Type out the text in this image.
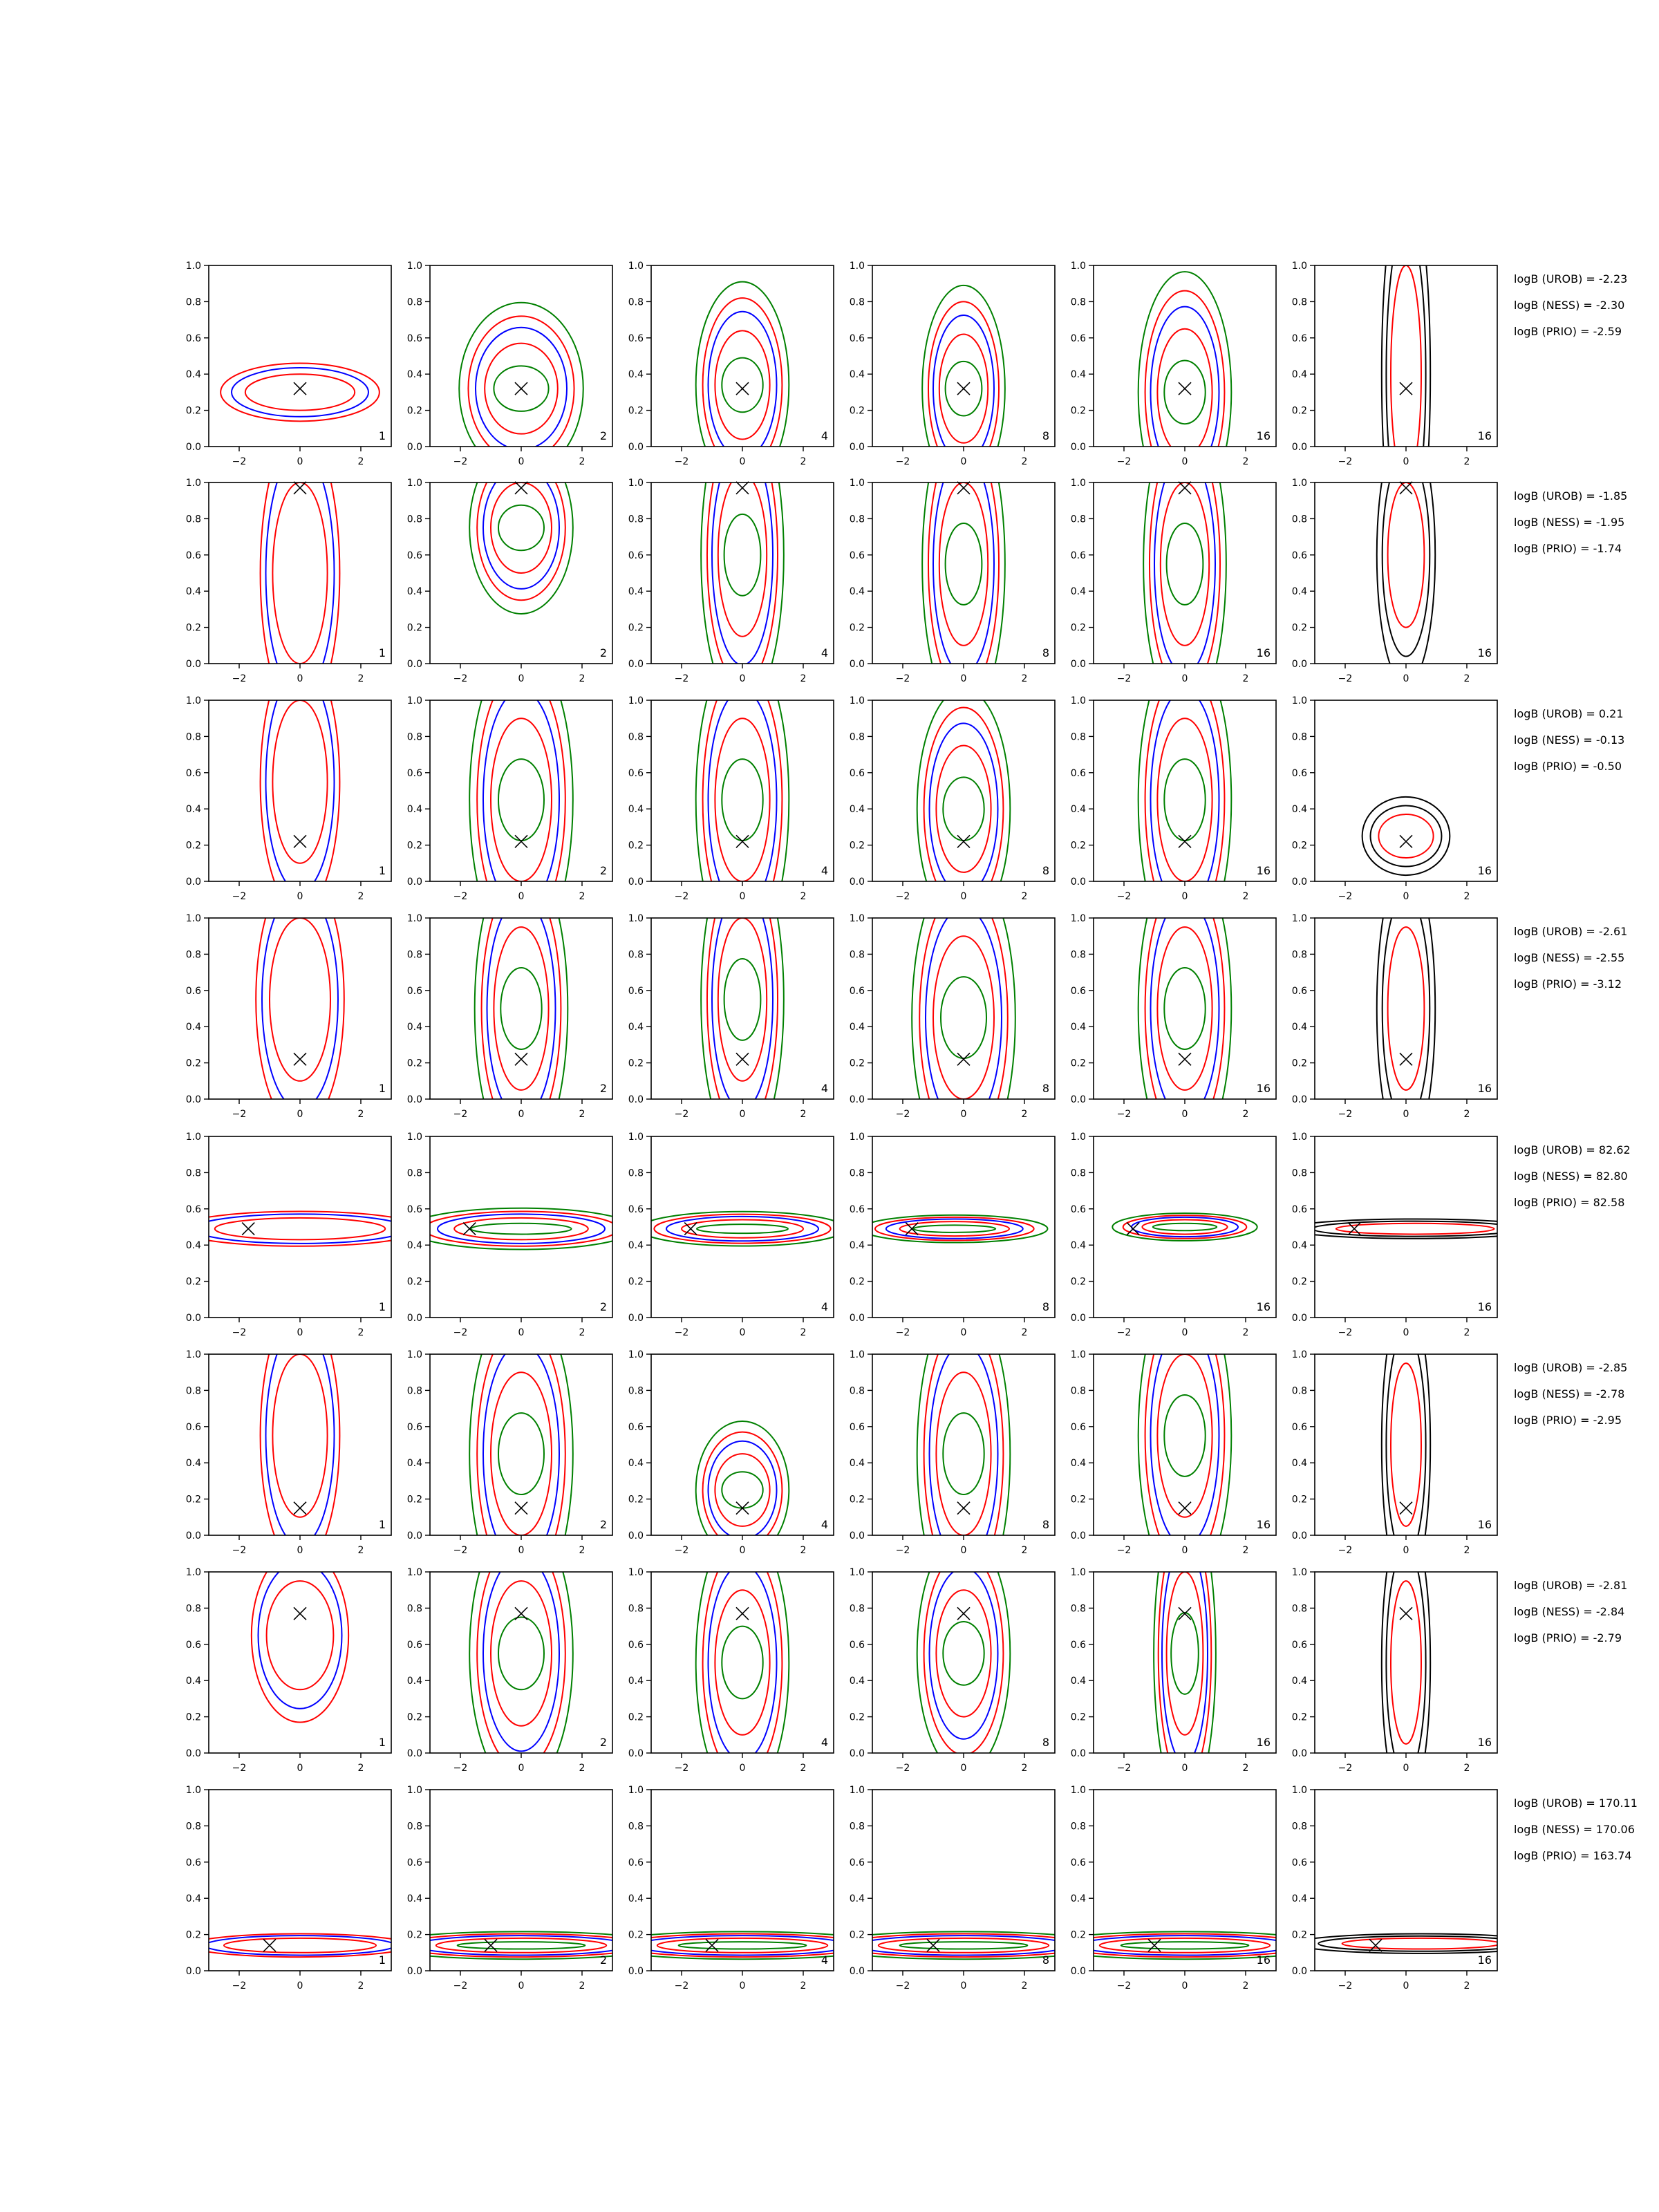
−2	0	2
0.0
0.2
0.4
0.6
0.8
1.0
1
−2	0	2
0.0
0.2
0.4
0.6
0.8
1.0
2
−2	0	2
0.0
0.2
0.4
0.6
0.8
1.0
4
−2	0	2
0.0
0.2
0.4
0.6
0.8
1.0
8
−2	0	2
0.0
0.2
0.4
0.6
0.8
1.0
16
−2	0	2
0.0
0.2
0.4
0.6
0.8
1.0
16
logB (UROB) = -2.23
logB (NESS) = -2.30
logB (PRIO) = -2.59
−2	0	2
0.0
0.2
0.4
0.6
0.8
1.0
1
−2	0	2
0.0
0.2
0.4
0.6
0.8
1.0
2
−2	0	2
0.0
0.2
0.4
0.6
0.8
1.0
4
−2	0	2
0.0
0.2
0.4
0.6
0.8
1.0
8
−2	0	2
0.0
0.2
0.4
0.6
0.8
1.0
16
−2	0	2
0.0
0.2
0.4
0.6
0.8
1.0
16
logB (UROB) = -1.85
logB (NESS) = -1.95
logB (PRIO) = -1.74
−2	0	2
0.0
0.2
0.4
0.6
0.8
1.0
1
−2	0	2
0.0
0.2
0.4
0.6
0.8
1.0
2
−2	0	2
0.0
0.2
0.4
0.6
0.8
1.0
4
−2	0	2
0.0
0.2
0.4
0.6
0.8
1.0
8
−2	0	2
0.0
0.2
0.4
0.6
0.8
1.0
16
−2	0	2
0.0
0.2
0.4
0.6
0.8
1.0
16
logB (UROB) = 0.21
logB (NESS) = -0.13
logB (PRIO) = -0.50
−2	0	2
0.0
0.2
0.4
0.6
0.8
1.0
1
−2	0	2
0.0
0.2
0.4
0.6
0.8
1.0
2
−2	0	2
0.0
0.2
0.4
0.6
0.8
1.0
4
−2	0	2
0.0
0.2
0.4
0.6
0.8
1.0
8
−2	0	2
0.0
0.2
0.4
0.6
0.8
1.0
16
−2	0	2
0.0
0.2
0.4
0.6
0.8
1.0
16
logB (UROB) = -2.61
logB (NESS) = -2.55
logB (PRIO) = -3.12
−2	0	2
0.0
0.2
0.4
0.6
0.8
1.0
1
−2	0	2
0.0
0.2
0.4
0.6
0.8
1.0
2
−2	0	2
0.0
0.2
0.4
0.6
0.8
1.0
4
−2	0	2
0.0
0.2
0.4
0.6
0.8
1.0
8
−2	0	2
0.0
0.2
0.4
0.6
0.8
1.0
16
−2	0	2
0.0
0.2
0.4
0.6
0.8
1.0
16
logB (UROB) = 82.62
logB (NESS) = 82.80
logB (PRIO) = 82.58
−2	0	2
0.0
0.2
0.4
0.6
0.8
1.0
1
−2	0	2
0.0
0.2
0.4
0.6
0.8
1.0
2
−2	0	2
0.0
0.2
0.4
0.6
0.8
1.0
4
−2	0	2
0.0
0.2
0.4
0.6
0.8
1.0
8
−2	0	2
0.0
0.2
0.4
0.6
0.8
1.0
16
−2	0	2
0.0
0.2
0.4
0.6
0.8
1.0
16
logB (UROB) = -2.85
logB (NESS) = -2.78
logB (PRIO) = -2.95
−2	0	2
0.0
0.2
0.4
0.6
0.8
1.0
1
−2	0	2
0.0
0.2
0.4
0.6
0.8
1.0
2
−2	0	2
0.0
0.2
0.4
0.6
0.8
1.0
4
−2	0	2
0.0
0.2
0.4
0.6
0.8
1.0
8
−2	0	2
0.0
0.2
0.4
0.6
0.8
1.0
16
−2	0	2
0.0
0.2
0.4
0.6
0.8
1.0
16
logB (UROB) = -2.81
logB (NESS) = -2.84
logB (PRIO) = -2.79
−2	0	2
0.0
0.2
0.4
0.6
0.8
1.0
1
−2	0	2
0.0
0.2
0.4
0.6
0.8
1.0
2
−2	0	2
0.0
0.2
0.4
0.6
0.8
1.0
4
−2	0	2
0.0
0.2
0.4
0.6
0.8
1.0
8
−2	0	2
0.0
0.2
0.4
0.6
0.8
1.0
16
−2	0	2
0.0
0.2
0.4
0.6
0.8
1.0
16
logB (UROB) = 170.11
logB (NESS) = 170.06
logB (PRIO) = 163.74
